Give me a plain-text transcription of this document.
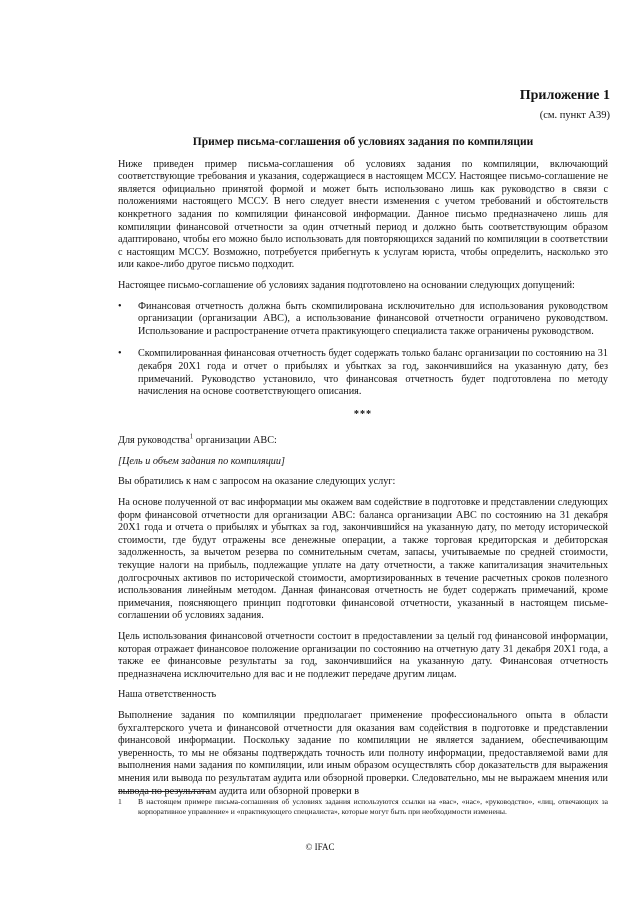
Приложение 1
(см. пункт А39)
Пример письма-соглашения об условиях задания по компиляции

Ниже приведен пример письма-соглашения об условиях задания по компиляции, включающий соответствующие требования и указания, содержащиеся в настоящем МССУ. Настоящее письмо-соглашение не является официально принятой формой и может быть использовано лишь как руководство в связи с положениями настоящего МССУ. В него следует внести изменения с учетом требований и обстоятельств конкретного задания по компиляции финансовой информации. Данное письмо предназначено лишь для компиляции финансовой отчетности за один отчетный период и должно быть соответствующим образом адаптировано, чтобы его можно было использовать для повторяющихся заданий по компиляции в соответствии с настоящим МССУ. Возможно, потребуется прибегнуть к услугам юриста, чтобы определить, насколько это или какое-либо другое письмо подходит.

Настоящее письмо-соглашение об условиях задания подготовлено на основании следующих допущений:

• Финансовая отчетность должна быть скомпилирована исключительно для использования руководством организации (организации ABC), а использование финансовой отчетности ограничено руководством. Использование и распространение отчета практикующего специалиста также ограничены руководством.
• Скомпилированная финансовая отчетность будет содержать только баланс организации по состоянию на 31 декабря 20X1 года и отчет о прибылях и убытках за год, закончившийся на указанную дату, без примечаний. Руководство установило, что финансовая отчетность будет подготовлена по методу начисления на основе соответствующего описания.
***

Для руководства$^1$ организации ABC:

[Цель и объем задания по компиляции]

Вы обратились к нам с запросом на оказание следующих услуг:

На основе полученной от вас информации мы окажем вам содействие в подготовке и представлении следующих форм финансовой отчетности для организации ABC: баланса организации ABC по состоянию на 31 декабря 20X1 года и отчета о прибылях и убытках за год, закончившийся на указанную дату, по методу исторической стоимости, где будут отражены все денежные операции, а также торговая кредиторская и дебиторская задолженность, за вычетом резерва по сомнительным счетам, запасы, учитываемые по средней стоимости, текущие налоги на прибыль, подлежащие уплате на дату отчетности, а также капитализация значительных долгосрочных активов по исторической стоимости, амортизированных в течение расчетных сроков полезного использования линейным методом. Данная финансовая отчетность не будет содержать примечаний, кроме примечания, поясняющего принцип подготовки финансовой отчетности, указанный в настоящем письме-соглашении об условиях задания.

Цель использования финансовой отчетности состоит в предоставлении за целый год финансовой информации, которая отражает финансовое положение организации по состоянию на отчетную дату 31 декабря 20X1 года, а также ее финансовые результаты за год, закончившийся на указанную дату. Финансовая отчетность предназначена исключительно для вас и не подлежит передаче другим лицам.

Наша ответственность

Выполнение задания по компиляции предполагает применение профессионального опыта в области бухгалтерского учета и финансовой отчетности для оказания вам содействия в подготовке и представлении финансовой информации. Поскольку задание по компиляции не является заданием, обеспечивающим уверенность, то мы не обязаны подтверждать точность или полноту информации, предоставляемой вами для выполнения нами задания по компиляции, или иным образом осуществлять сбор доказательств для выражения мнения или вывода по результатам аудита или обзорной проверки. Следовательно, мы не выражаем мнения или вывода по результатам аудита или обзорной проверки в

1	В настоящем примере письма-соглашения об условиях задания используются ссылки на «вас», «нас», «руководство», «лиц, отвечающих за корпоративное управление» и «практикующего специалиста», которые могут быть при необходимости изменены.
© IFAC
